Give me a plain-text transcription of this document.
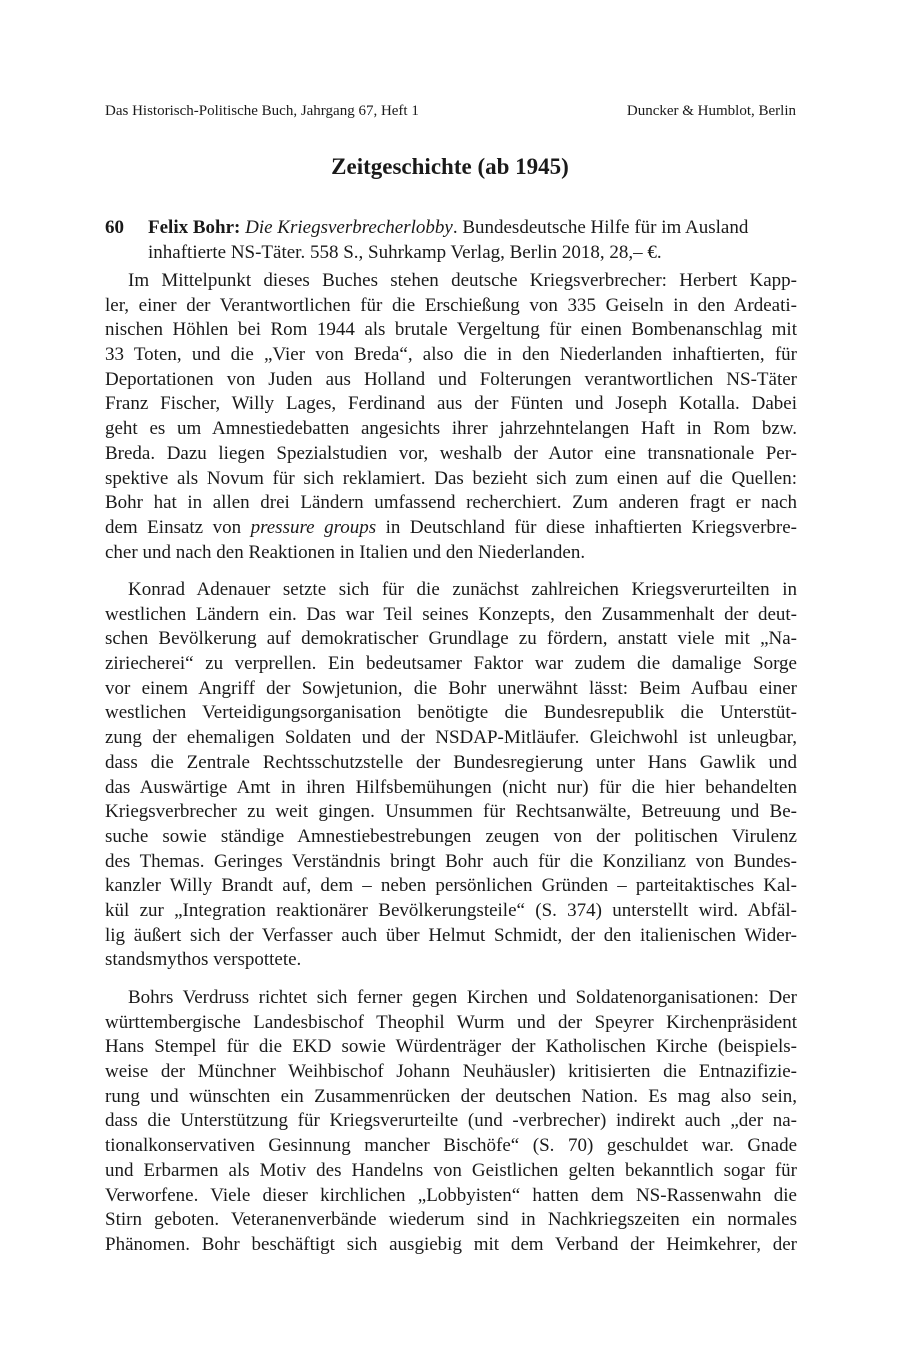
Das Historisch-Politische Buch, Jahrgang 67, Heft 1	Duncker & Humblot, Berlin
Zeitgeschichte (ab 1945)
60 Felix Bohr: Die Kriegsverbrecherlobby. Bundesdeutsche Hilfe für im Ausland
inhaftierte NS-Täter. 558 S., Suhrkamp Verlag, Berlin 2018, 28,– €.
Im Mittelpunkt dieses Buches stehen deutsche Kriegsverbrecher: Herbert Kapp-
ler, einer der Verantwortlichen für die Erschießung von 335 Geiseln in den Ardeati-
nischen Höhlen bei Rom 1944 als brutale Vergeltung für einen Bombenanschlag mit
33 Toten, und die „Vier von Breda“, also die in den Niederlanden inhaftierten, für
Deportationen von Juden aus Holland und Folterungen verantwortlichen NS-Täter
Franz Fischer, Willy Lages, Ferdinand aus der Fünten und Joseph Kotalla. Dabei
geht es um Amnestiedebatten angesichts ihrer jahrzehntelangen Haft in Rom bzw.
Breda. Dazu liegen Spezialstudien vor, weshalb der Autor eine transnationale Per-
spektive als Novum für sich reklamiert. Das bezieht sich zum einen auf die Quellen:
Bohr hat in allen drei Ländern umfassend recherchiert. Zum anderen fragt er nach
dem Einsatz von pressure groups in Deutschland für diese inhaftierten Kriegsverbre-
cher und nach den Reaktionen in Italien und den Niederlanden.
Konrad Adenauer setzte sich für die zunächst zahlreichen Kriegsverurteilten in
westlichen Ländern ein. Das war Teil seines Konzepts, den Zusammenhalt der deut-
schen Bevölkerung auf demokratischer Grundlage zu fördern, anstatt viele mit „Na-
ziriecherei“ zu verprellen. Ein bedeutsamer Faktor war zudem die damalige Sorge
vor einem Angriff der Sowjetunion, die Bohr unerwähnt lässt: Beim Aufbau einer
westlichen Verteidigungsorganisation benötigte die Bundesrepublik die Unterstüt-
zung der ehemaligen Soldaten und der NSDAP-Mitläufer. Gleichwohl ist unleugbar,
dass die Zentrale Rechtsschutzstelle der Bundesregierung unter Hans Gawlik und
das Auswärtige Amt in ihren Hilfsbemühungen (nicht nur) für die hier behandelten
Kriegsverbrecher zu weit gingen. Unsummen für Rechtsanwälte, Betreuung und Be-
suche sowie ständige Amnestiebestrebungen zeugen von der politischen Virulenz
des Themas. Geringes Verständnis bringt Bohr auch für die Konzilianz von Bundes-
kanzler Willy Brandt auf, dem – neben persönlichen Gründen – parteitaktisches Kal-
kül zur „Integration reaktionärer Bevölkerungsteile“ (S. 374) unterstellt wird. Abfäl-
lig äußert sich der Verfasser auch über Helmut Schmidt, der den italienischen Wider-
standsmythos verspottete.
Bohrs Verdruss richtet sich ferner gegen Kirchen und Soldatenorganisationen: Der
württembergische Landesbischof Theophil Wurm und der Speyrer Kirchenpräsident
Hans Stempel für die EKD sowie Würdenträger der Katholischen Kirche (beispiels-
weise der Münchner Weihbischof Johann Neuhäusler) kritisierten die Entnazifizie-
rung und wünschten ein Zusammenrücken der deutschen Nation. Es mag also sein,
dass die Unterstützung für Kriegsverurteilte (und -verbrecher) indirekt auch „der na-
tionalkonservativen Gesinnung mancher Bischöfe“ (S. 70) geschuldet war. Gnade
und Erbarmen als Motiv des Handelns von Geistlichen gelten bekanntlich sogar für
Verworfene. Viele dieser kirchlichen „Lobbyisten“ hatten dem NS-Rassenwahn die
Stirn geboten. Veteranenverbände wiederum sind in Nachkriegszeiten ein normales
Phänomen. Bohr beschäftigt sich ausgiebig mit dem Verband der Heimkehrer, der
